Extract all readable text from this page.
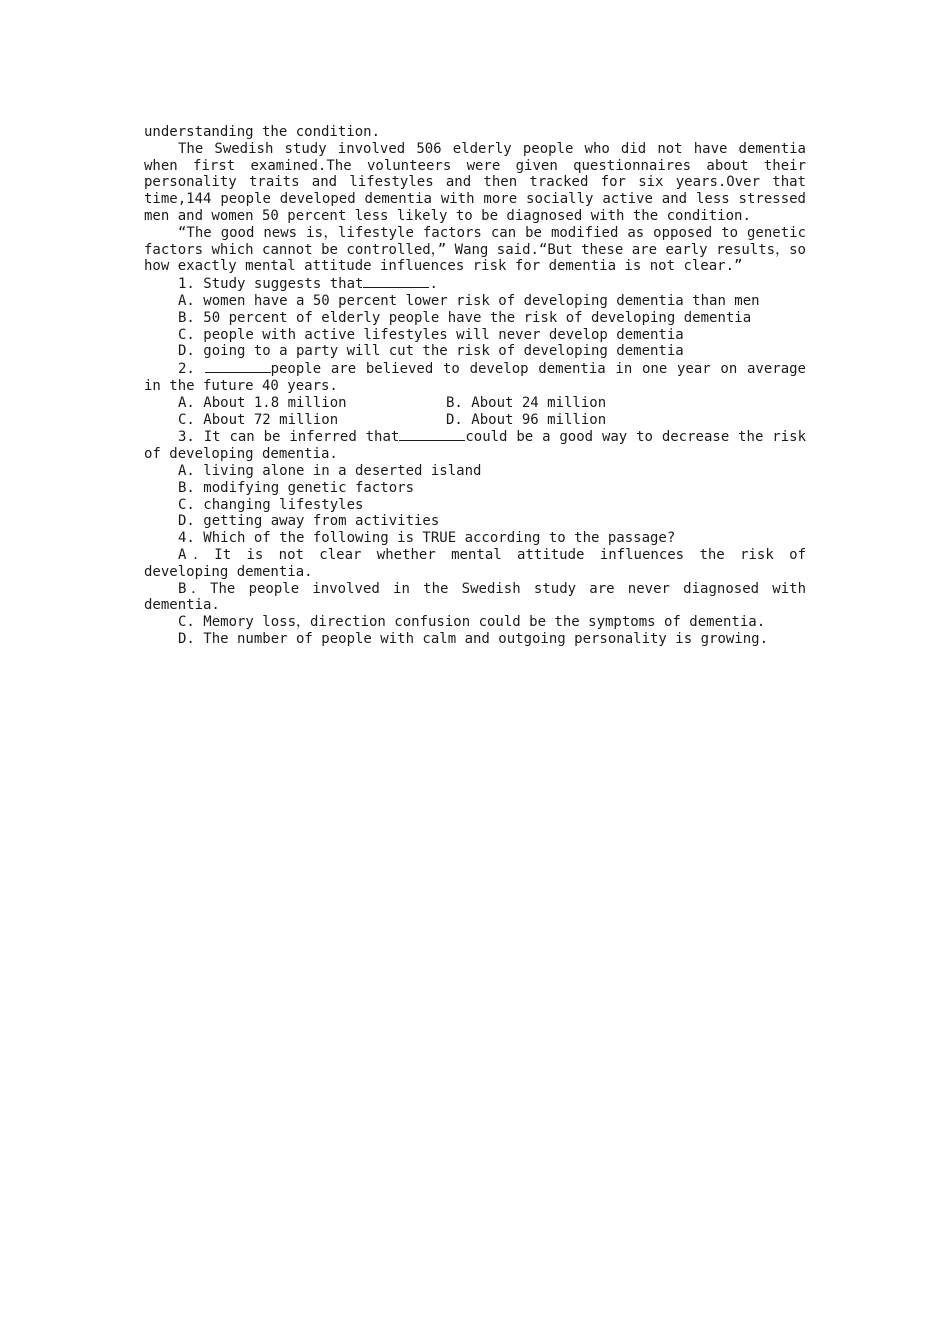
understanding the condition.

The Swedish study involved 506 elderly people who did not have dementia when first examined.The volunteers were given questionnaires about their personality traits and lifestyles and then tracked for six years.Over that time,144 people developed dementia with more socially active and less stressed men and women 50 percent less likely to be diagnosed with the condition.

“The good news is，lifestyle factors can be modified as opposed to genetic factors which cannot be controlled，” Wang said.“But these are early results，so how exactly mental attitude influences risk for dementia is not clear.”

1. Study suggests that	.

A. women have a 50 percent lower risk of developing dementia than men

B. 50 percent of elderly people have the risk of developing dementia

C. people with active lifestyles will never develop dementia

D. going to a party will cut the risk of developing dementia

2.	people are believed to develop dementia in one year on average in the future 40 years.

A. About 1.8 million	B. About 24 million
C. About 72 million	D. About 96 million

3. It can be inferred that	could be a good way to decrease the risk of developing dementia.

A. living alone in a deserted island

B. modifying genetic factors

C. changing lifestyles

D. getting away from activities

4. Which of the following is TRUE according to the passage?

A．It is not clear whether mental attitude influences the risk of developing dementia.

B．The people involved in the Swedish study are never diagnosed with dementia.

C. Memory loss，direction confusion could be the symptoms of dementia.

D. The number of people with calm and outgoing personality is growing.
